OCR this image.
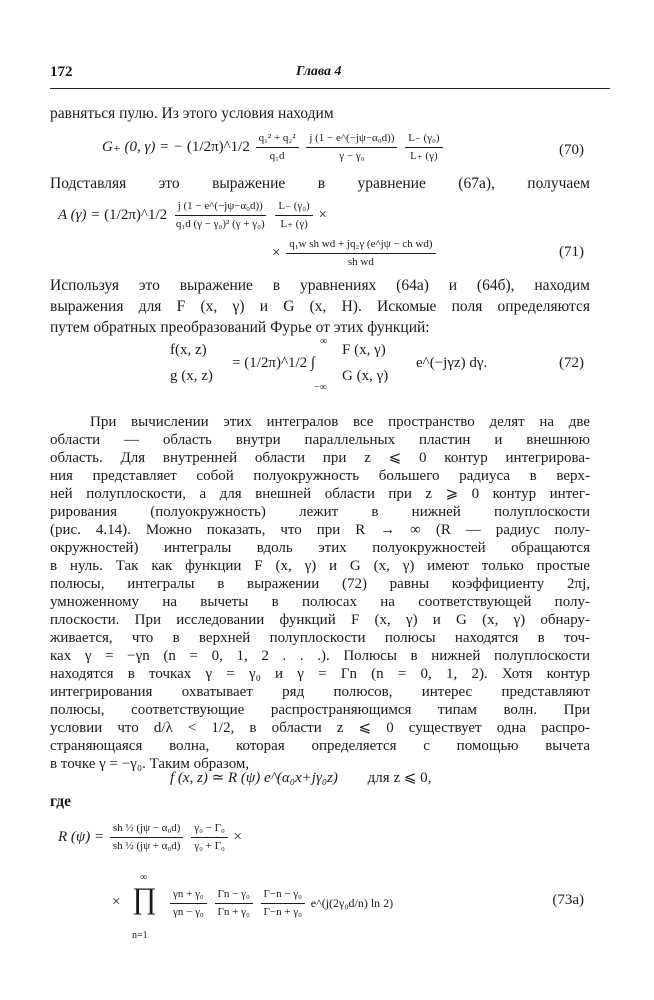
172	Глава 4
равняться пулю. Из этого условия находим
G₊ (0, γ) = − (1/2π)^1/2 $\frac{\text{q₁² + q₂²}}{\text{q₁d}}$
$\frac{\text{j (1 − e\textasciicircum{}(−jψ−α₀d))}}{\text{γ − γ₀}}$
$\frac{\text{L₋ (γ₀)}}{L_+ (\gamma)}$	(70)
Подставляя это выражение в уравнение (67а), получаем
A (γ) = (1/2π)^1/2 $\frac{\text{j (1 − e\textasciicircum{}(−jψ−α₀d))}}{\text{q₁d (γ − γ₀)² (γ + γ₀)}}$
$\frac{\text{L₋ (γ₀)}}{L_+ (\gamma)}$ ×
× $\frac{\text{q₁w sh wd + jq₂γ (e\textasciicircum{}jψ − ch wd)}}{\text{sh wd}}$	(71)
Используя это выражение в уравнениях (64а) и (64б), находим
выражения для F (x, γ) и G (x, H). Искомые поля определяются
путем обратных преобразований Фурье от этих функций:
f(x, z)
g (x, z)
= (1/2π)^1/2 ∫
∞
−∞
F (x, γ)
G (x, γ)
e^(−jγz) dγ.	(72)
При вычислении этих интегралов все пространство делят на две
области — область внутри параллельных пластин и внешнюю
область. Для внутренней области при z ⩽ 0 контур интегрирова-
ния представляет собой полуокружность большего радиуса в верх-
ней полуплоскости, а для внешней области при z ⩾ 0 контур интег-
рирования (полуокружность) лежит в нижней полуплоскости
(рис. 4.14). Можно показать, что при R → ∞ (R — радиус полу-
окружностей) интегралы вдоль этих полуокружностей обращаются
в нуль. Так как функции F (x, γ) и G (x, γ) имеют только простые
полюсы, интегралы в выражении (72) равны коэффициенту 2πj,
умноженному на вычеты в полюсах на соответствующей полу-
плоскости. При исследовании функций F (x, γ) и G (x, γ) обнару-
живается, что в верхней полуплоскости полюсы находятся в точ-
ках γ = −γn (n = 0, 1, 2 . . .). Полюсы в нижней полуплоскости
находятся в точках γ = γ₀ и γ = Γn (n = 0, 1, 2). Хотя контур
интегрирования охватывает ряд полюсов, интерес представляют
полюсы, соответствующие распространяющимся типам волн. При
условии что d/λ < 1/2, в области z ⩽ 0 существует одна распро-
страняющаяся волна, которая определяется с помощью вычета
в точке γ = −γ₀. Таким образом,
f (x, z) ≃ R (ψ) e^(α₀x+jγ₀z) для z ⩽ 0,
где
R $(\psi) = \frac{\text{sh ½ (jψ − α₀d)}}{\text{sh ½ (jψ + α₀d)}}$
$\frac{\text{γ₀ − Γ₀}}{\text{γ₀ + Γ₀}}$ ×
×
∞
∏
n=1
$\frac{\text{γn + γ₀}}{\text{γn − γ₀}}$
$\frac{\text{Γn − γ₀}}{\text{Γn + γ₀}}$
$\frac{\text{Γ−n − γ₀}}{\text{Γ−n + γ₀}}$ e^(j(2γ₀d/n) ln 2)	(73а)
